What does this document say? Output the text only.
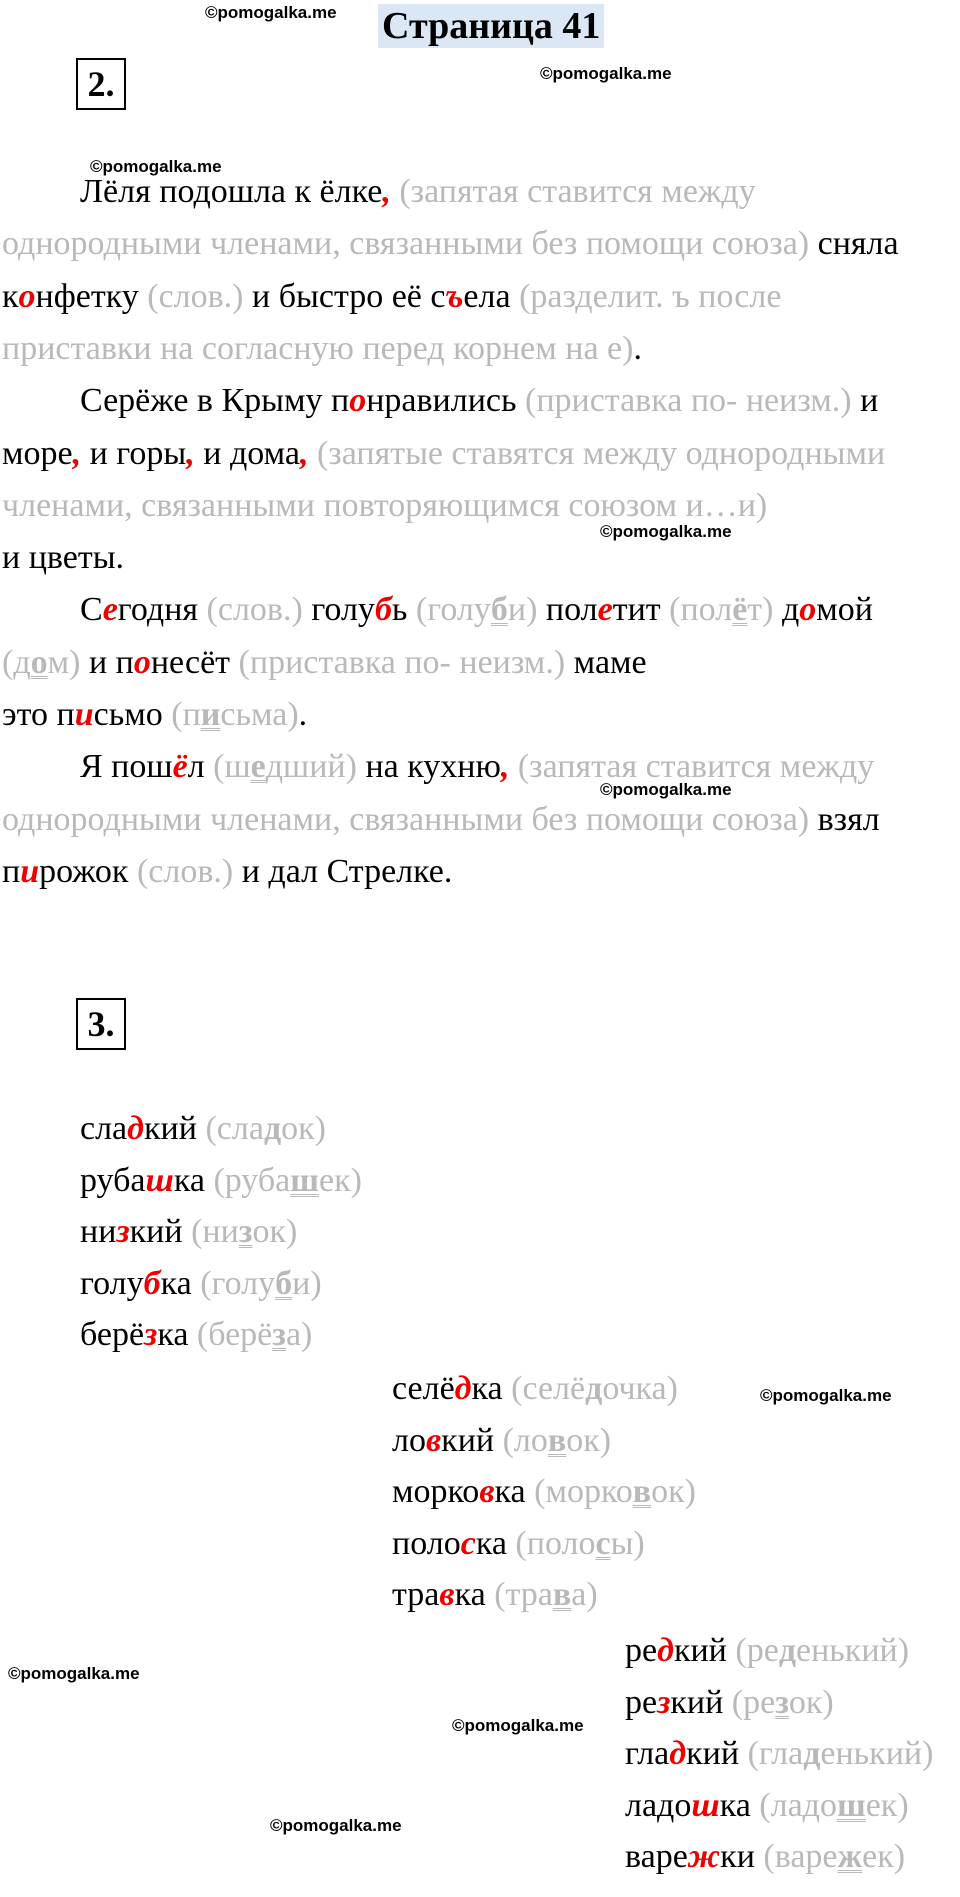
©pomogalka.me
©pomogalka.me
©pomogalka.me
©pomogalka.me
©pomogalka.me
©pomogalka.me
©pomogalka.me
©pomogalka.me
©pomogalka.me
Страница 41
2.
Лёля подошла к ёлке, (запятая ставится между
однородными членами, связанными без помощи союза) сняла
конфетку (слов.) и быстро её съела (разделит. ъ после
приставки на согласную перед корнем на е).
Серёже в Крыму понравились (приставка по- неизм.) и
море, и горы, и дома, (запятые ставятся между однородными
членами, связанными повторяющимся союзом и…и)
и цветы.
Сегодня (слов.) голубь (голуби) полетит (полёт) домой
(дом) и понесёт (приставка по- неизм.) маме
это письмо (письма).
Я пошёл (шедший) на кухню, (запятая ставится между
однородными членами, связанными без помощи союза) взял
пирожок (слов.) и дал Стрелке.
3.
сладкий (сладок)
рубашка (рубашек)
низкий (низок)
голубка (голуби)
берёзка (берёза)
селёдка (селёдочка)
ловкий (ловок)
морковка (морковок)
полоска (полосы)
травка (трава)
редкий (реденький)
резкий (резок)
гладкий (гладенький)
ладошка (ладошек)
варежки (варежек)
